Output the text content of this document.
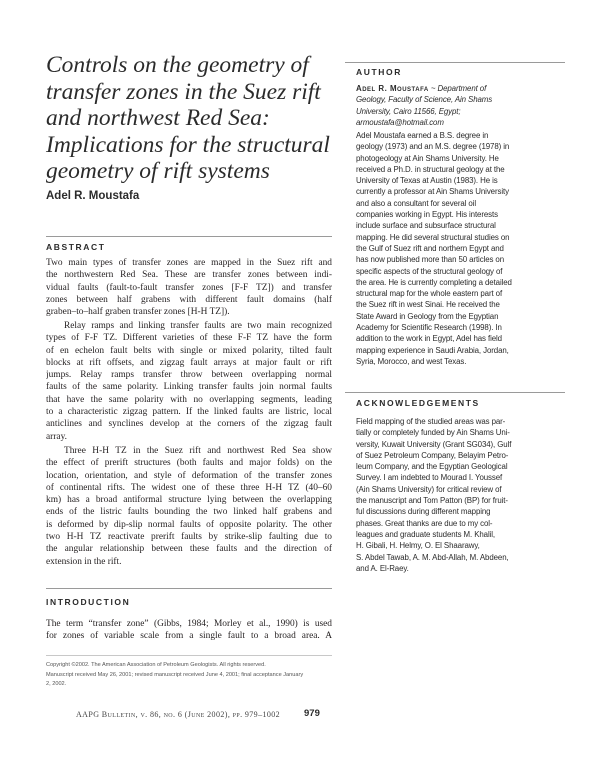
Controls on the geometry of
transfer zones in the Suez rift
and northwest Red Sea:
Implications for the structural
geometry of rift systems
Adel R. Moustafa
ABSTRACT
Two main types of transfer zones are mapped in the Suez rift and
the northwestern Red Sea. These are transfer zones between indi-
vidual faults (fault-to-fault transfer zones [F-F TZ]) and transfer
zones between half grabens with different fault domains (half
graben–to–half graben transfer zones [H-H TZ]).
Relay ramps and linking transfer faults are two main recognized
types of F-F TZ. Different varieties of these F-F TZ have the form
of en echelon fault belts with single or mixed polarity, tilted fault
blocks at rift offsets, and zigzag fault arrays at major fault or rift
jumps. Relay ramps transfer throw between overlapping normal
faults of the same polarity. Linking transfer faults join normal faults
that have the same polarity with no overlapping segments, leading
to a characteristic zigzag pattern. If the linked faults are listric, local
anticlines and synclines develop at the corners of the zigzag fault
array.
Three H-H TZ in the Suez rift and northwest Red Sea show
the effect of prerift structures (both faults and major folds) on the
location, orientation, and style of deformation of the transfer zones
of continental rifts. The widest one of these three H-H TZ (40–60
km) has a broad antiformal structure lying between the overlapping
ends of the listric faults bounding the two linked half grabens and
is deformed by dip-slip normal faults of opposite polarity. The other
two H-H TZ reactivate prerift faults by strike-slip faulting due to
the angular relationship between these faults and the direction of
extension in the rift.
INTRODUCTION
The term “transfer zone” (Gibbs, 1984; Morley et al., 1990) is used
for zones of variable scale from a single fault to a broad area. A
Copyright ©2002. The American Association of Petroleum Geologists. All rights reserved.
Manuscript received May 26, 2001; revised manuscript received June 4, 2001; final acceptance January
2, 2002.
AAPG Bulletin, v. 86, no. 6 (June 2002), pp. 979–1002	979
AUTHOR
Adel R. Moustafa ~ Department of
Geology, Faculty of Science, Ain Shams
University, Cairo 11566, Egypt;
armoustafa@hotmail.com
Adel Moustafa earned a B.S. degree in
geology (1973) and an M.S. degree (1978) in
photogeology at Ain Shams University. He
received a Ph.D. in structural geology at the
University of Texas at Austin (1983). He is
currently a professor at Ain Shams University
and also a consultant for several oil
companies working in Egypt. His interests
include surface and subsurface structural
mapping. He did several structural studies on
the Gulf of Suez rift and northern Egypt and
has now published more than 50 articles on
specific aspects of the structural geology of
the area. He is currently completing a detailed
structural map for the whole eastern part of
the Suez rift in west Sinai. He received the
State Award in Geology from the Egyptian
Academy for Scientific Research (1998). In
addition to the work in Egypt, Adel has field
mapping experience in Saudi Arabia, Jordan,
Syria, Morocco, and west Texas.
ACKNOWLEDGEMENTS
Field mapping of the studied areas was par-
tially or completely funded by Ain Shams Uni-
versity, Kuwait University (Grant SG034), Gulf
of Suez Petroleum Company, Belayim Petro-
leum Company, and the Egyptian Geological
Survey. I am indebted to Mourad I. Youssef
(Ain Shams University) for critical review of
the manuscript and Tom Patton (BP) for fruit-
ful discussions during different mapping
phases. Great thanks are due to my col-
leagues and graduate students M. Khalil,
H. Gibali, H. Helmy, O. El Shaarawy,
S. Abdel Tawab, A. M. Abd-Allah, M. Abdeen,
and A. El-Raey.
